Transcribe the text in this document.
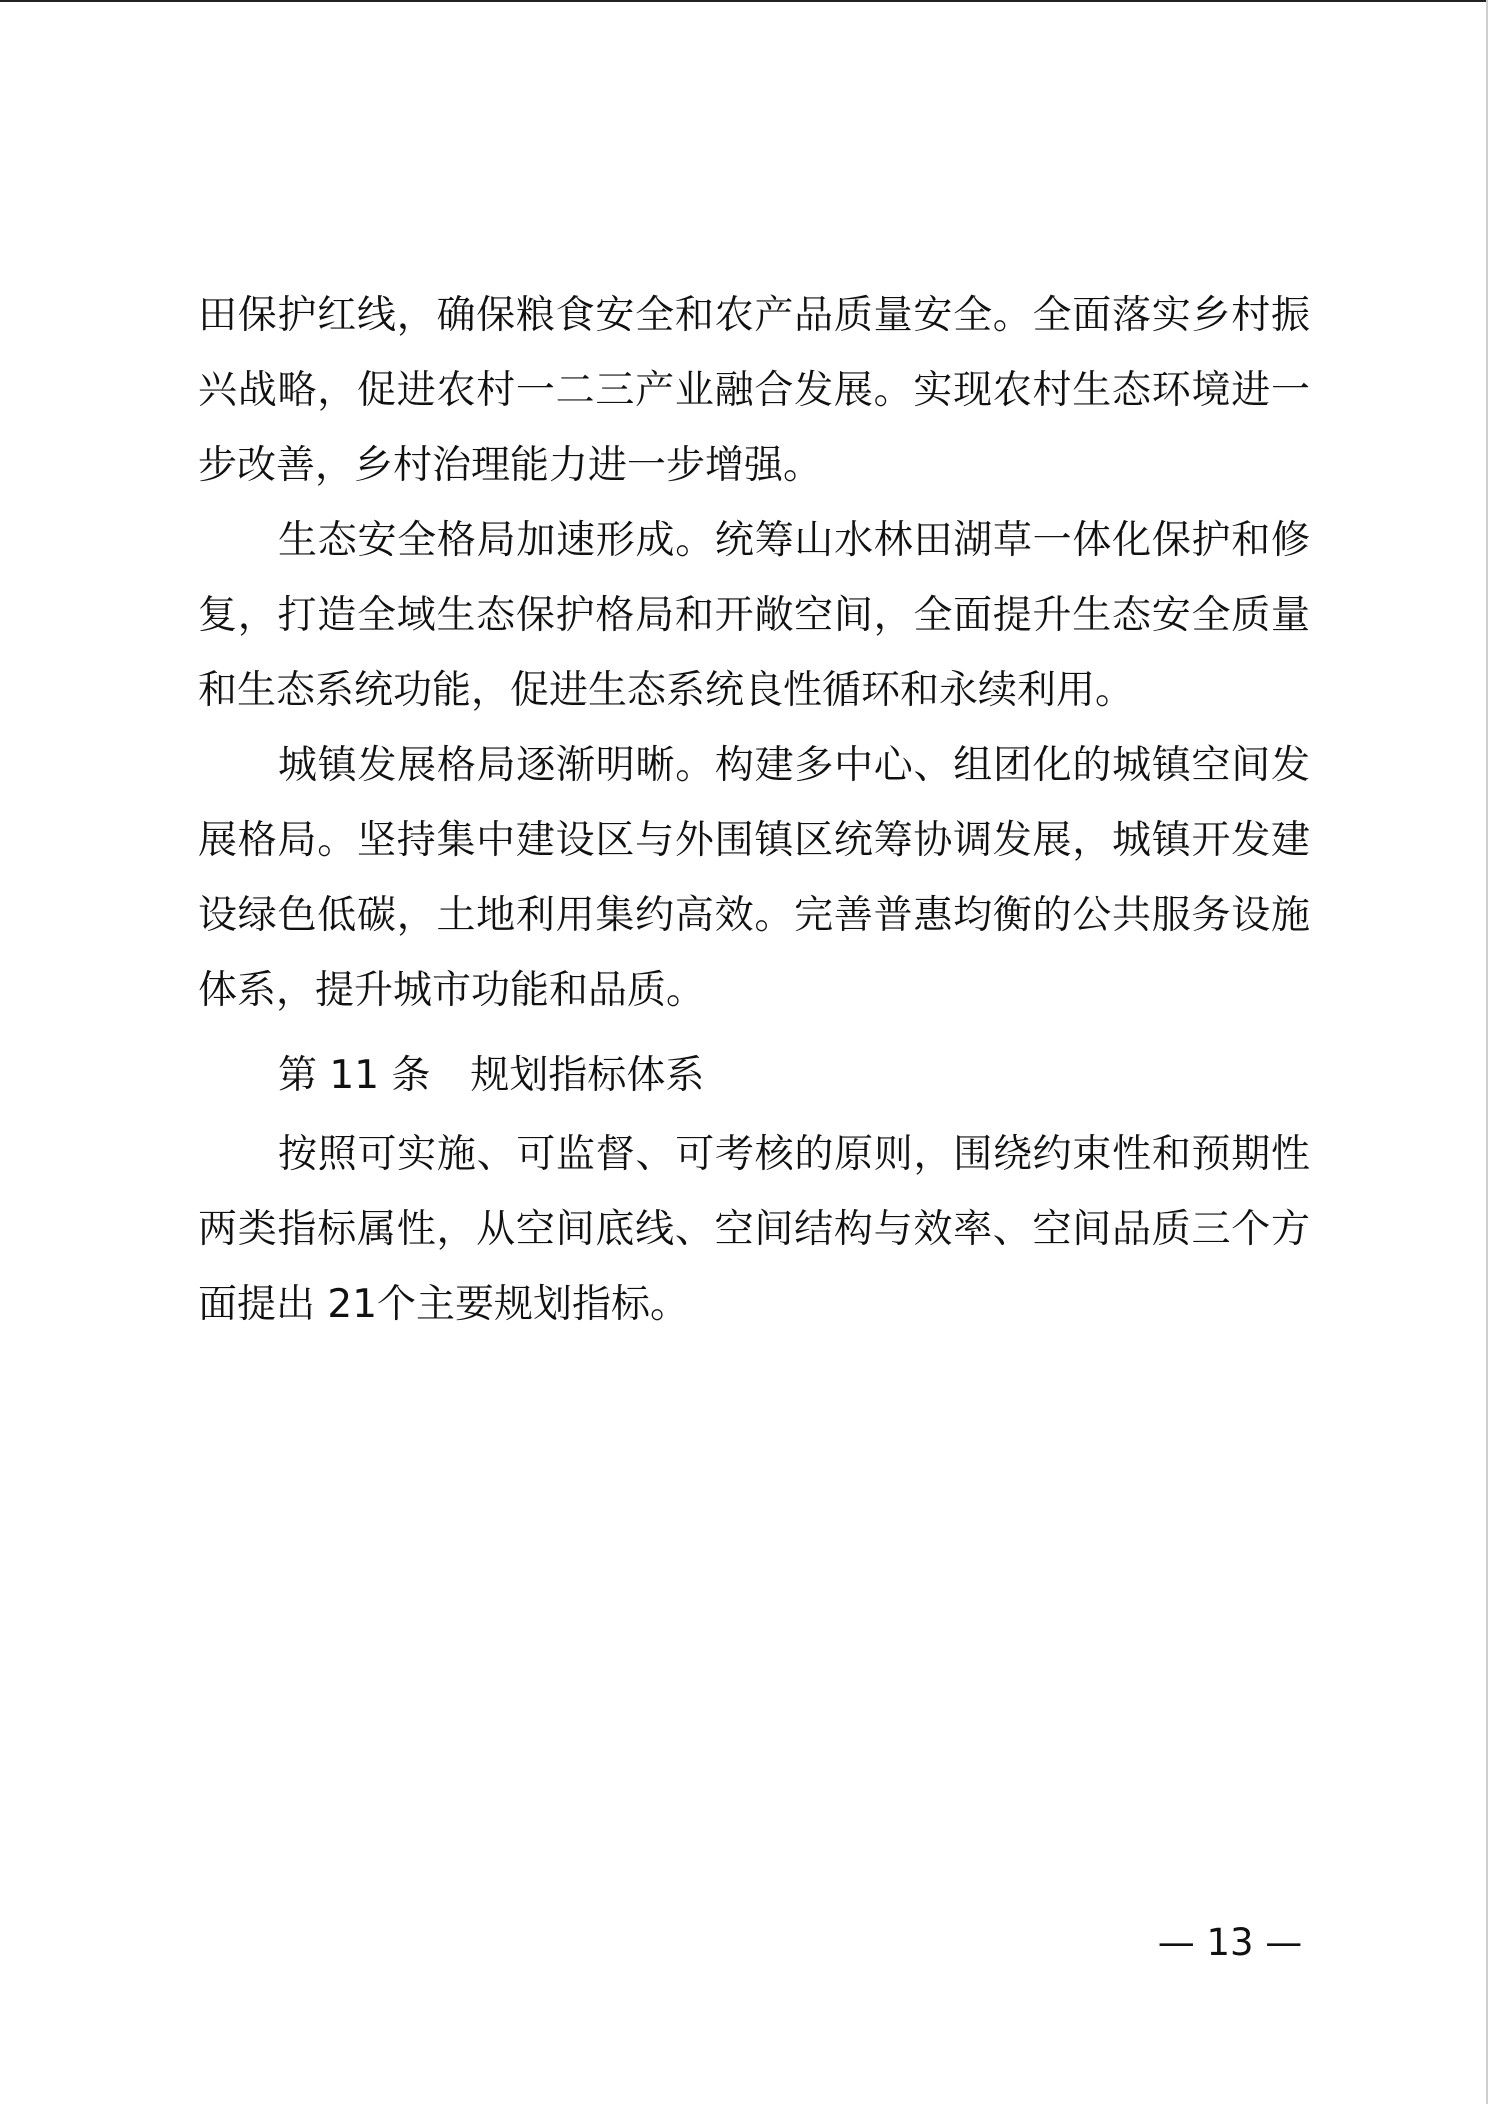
田保护红线，确保粮食安全和农产品质量安全。全面落实乡村振兴战略，促进农村一二三产业融合发展。实现农村生态环境进一步改善，乡村治理能力进一步增强。

生态安全格局加速形成。统筹山水林田湖草一体化保护和修复，打造全域生态保护格局和开敞空间，全面提升生态安全质量和生态系统功能，促进生态系统良性循环和永续利用。

城镇发展格局逐渐明晰。构建多中心、组团化的城镇空间发展格局。坚持集中建设区与外围镇区统筹协调发展，城镇开发建设绿色低碳，土地利用集约高效。完善普惠均衡的公共服务设施体系，提升城市功能和品质。

第 11 条 规划指标体系

按照可实施、可监督、可考核的原则，围绕约束性和预期性两类指标属性，从空间底线、空间结构与效率、空间品质三个方面提出 21个主要规划指标。

— 13 —
